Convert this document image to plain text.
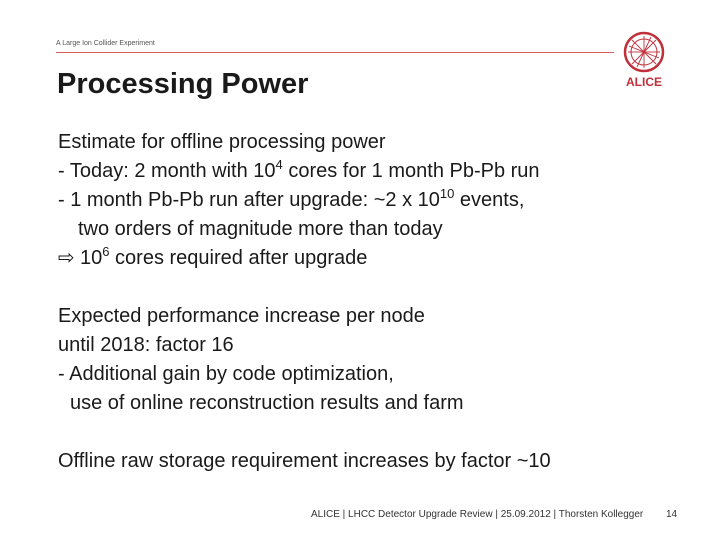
A Large Ion Collider Experiment
ALICE
Processing Power
Estimate for offline processing power
- Today: 2 month with $10^4$ cores for 1 month Pb-Pb run
- 1 month Pb-Pb run after upgrade: ~2 x $10^{10}$ events,
two orders of magnitude more than today
⇨ $10^6$ cores required after upgrade
Expected performance increase per node
until 2018: factor 16
- Additional gain by code optimization,
use of online reconstruction results and farm
Offline raw storage requirement increases by factor ~10
ALICE | LHCC Detector Upgrade Review | 25.09.2012 | Thorsten Kollegger 14
